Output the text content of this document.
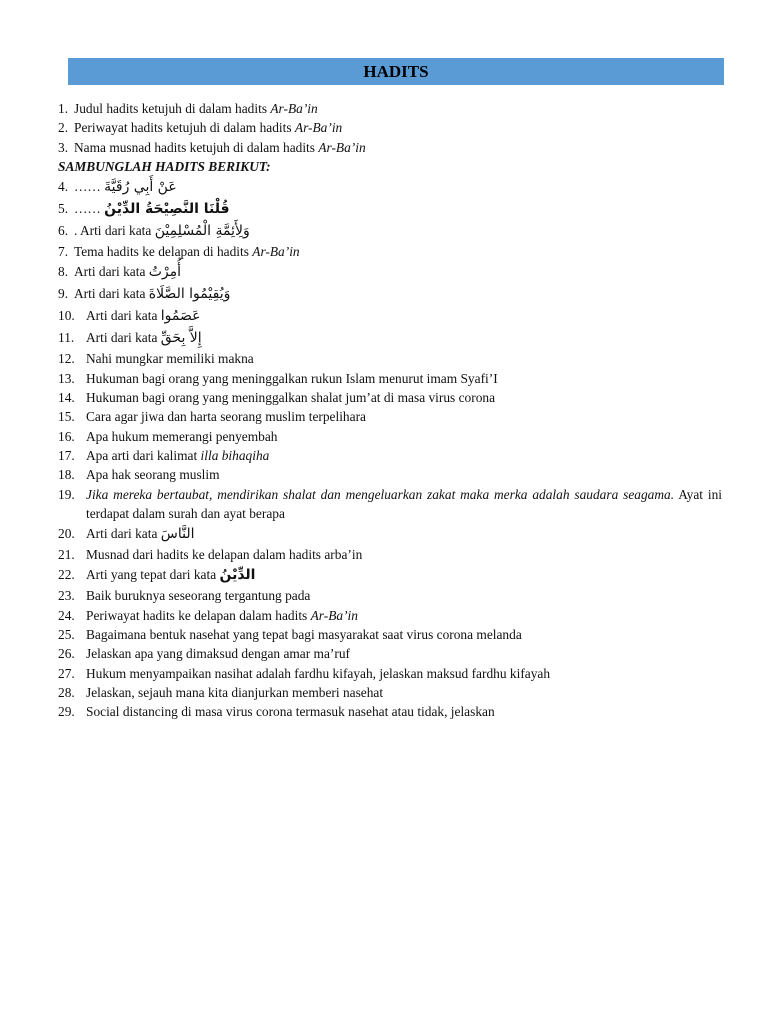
HADITS
1. Judul hadits ketujuh di dalam hadits Ar-Ba’in
2. Periwayat hadits ketujuh di dalam hadits Ar-Ba’in
3. Nama musnad hadits ketujuh di dalam hadits Ar-Ba’in
SAMBUNGLAH HADITS BERIKUT:
4. …… عَنْ أَبِي رُقَيَّةَ
5. …… قُلْنَا النَّصِيْحَةُ الدِّيْنُ
6. . Arti dari kata وَلِأَئِمَّةِ الْمُسْلِمِيْنَ
7. Tema hadits ke delapan di hadits Ar-Ba’in
8. Arti dari kata أُمِرْتُ
9. Arti dari kata وَيُقِيْمُوا الصَّلَاةَ
10. Arti dari kata عَصَمُوا
11. Arti dari kata إِلاَّ بِحَقِّ
12. Nahi mungkar memiliki makna
13. Hukuman bagi orang yang meninggalkan rukun Islam menurut imam Syafi’I
14. Hukuman bagi orang yang meninggalkan shalat jum’at di masa virus corona
15. Cara agar jiwa dan harta seorang muslim terpelihara
16. Apa hukum memerangi penyembah
17. Apa arti dari kalimat illa bihaqiha
18. Apa hak seorang muslim
19. Jika mereka bertaubat, mendirikan shalat dan mengeluarkan zakat maka merka adalah saudara seagama. Ayat ini terdapat dalam surah dan ayat berapa
20. Arti dari kata النَّاسَ
21. Musnad dari hadits ke delapan dalam hadits arba’in
22. Arti yang tepat dari kata الدِّيْنُ
23. Baik buruknya seseorang tergantung pada
24. Periwayat hadits ke delapan dalam hadits Ar-Ba’in
25. Bagaimana bentuk nasehat yang tepat bagi masyarakat saat virus corona melanda
26. Jelaskan apa yang dimaksud dengan amar ma’ruf
27. Hukum menyampaikan nasihat adalah fardhu kifayah, jelaskan maksud fardhu kifayah
28. Jelaskan, sejauh mana kita dianjurkan memberi nasehat
29. Social distancing di masa virus corona termasuk nasehat atau tidak, jelaskan
